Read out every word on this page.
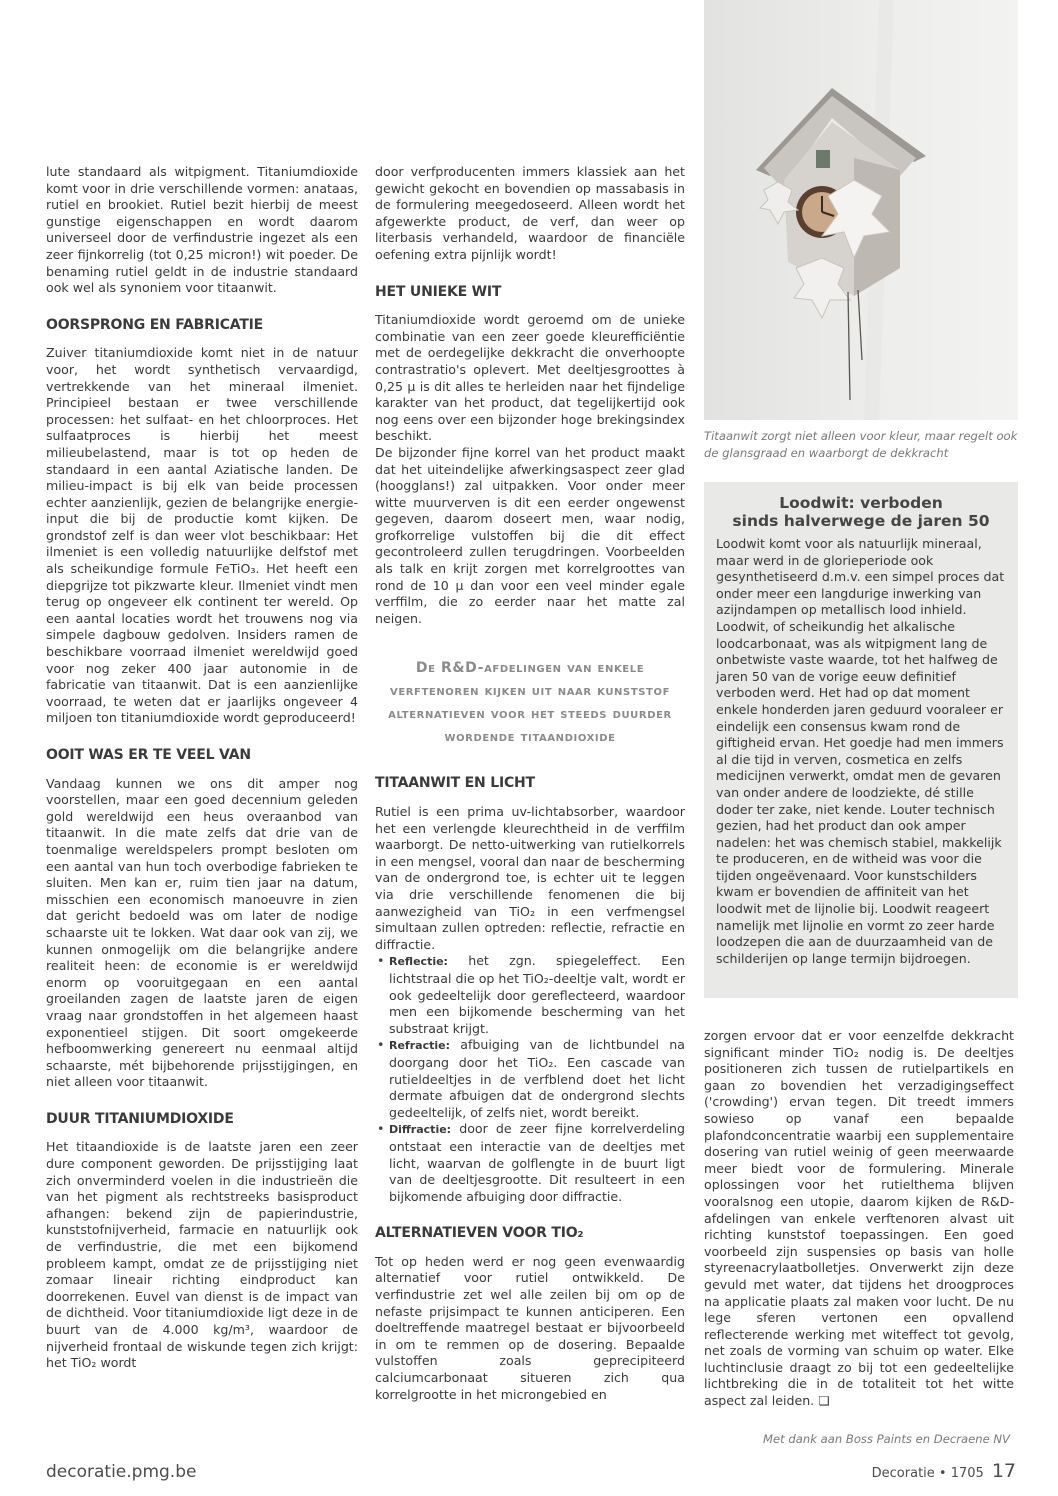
lute standaard als witpigment. Titaniumdioxide komt voor in drie verschillende vormen: anataas, rutiel en brookiet. Rutiel bezit hierbij de meest gunstige eigenschappen en wordt daarom universeel door de verfindustrie ingezet als een zeer fijnkorrelig (tot 0,25 micron!) wit poeder. De benaming rutiel geldt in de industrie standaard ook wel als synoniem voor titaanwit.

OORSPRONG EN FABRICATIE

Zuiver titaniumdioxide komt niet in de natuur voor, het wordt synthetisch vervaardigd, vertrekkende van het mineraal ilmeniet. Principieel bestaan er twee verschillende processen: het sulfaat- en het chloorproces. Het sulfaatproces is hierbij het meest milieubelastend, maar is tot op heden de standaard in een aantal Aziatische landen. De milieu-impact is bij elk van beide processen echter aanzienlijk, gezien de belangrijke energie-input die bij de productie komt kijken. De grondstof zelf is dan weer vlot beschikbaar: Het ilmeniet is een volledig natuurlijke delfstof met als scheikundige formule FeTiO₃. Het heeft een diepgrijze tot pikzwarte kleur. Ilmeniet vindt men terug op ongeveer elk continent ter wereld. Op een aantal locaties wordt het trouwens nog via simpele dagbouw gedolven. Insiders ramen de beschikbare voorraad ilmeniet wereldwijd goed voor nog zeker 400 jaar autonomie in de fabricatie van titaanwit. Dat is een aanzienlijke voorraad, te weten dat er jaarlijks ongeveer 4 miljoen ton titaniumdioxide wordt geproduceerd!

OOIT WAS ER TE VEEL VAN

Vandaag kunnen we ons dit amper nog voorstellen, maar een goed decennium geleden gold wereldwijd een heus overaanbod van titaanwit. In die mate zelfs dat drie van de toenmalige wereldspelers prompt besloten om een aantal van hun toch overbodige fabrieken te sluiten. Men kan er, ruim tien jaar na datum, misschien een economisch manoeuvre in zien dat gericht bedoeld was om later de nodige schaarste uit te lokken. Wat daar ook van zij, we kunnen onmogelijk om die belangrijke andere realiteit heen: de economie is er wereldwijd enorm op vooruitgegaan en een aantal groeilanden zagen de laatste jaren de eigen vraag naar grondstoffen in het algemeen haast exponentieel stijgen. Dit soort omgekeerde hefboomwerking genereert nu eenmaal altijd schaarste, mét bijbehorende prijsstijgingen, en niet alleen voor titaanwit.

DUUR TITANIUMDIOXIDE

Het titaandioxide is de laatste jaren een zeer dure component geworden. De prijsstijging laat zich onverminderd voelen in die industrieën die van het pigment als rechtstreeks basisproduct afhangen: bekend zijn de papierindustrie, kunststofnijverheid, farmacie en natuurlijk ook de verfindustrie, die met een bijkomend probleem kampt, omdat ze de prijsstijging niet zomaar lineair richting eindproduct kan doorrekenen. Euvel van dienst is de impact van de dichtheid. Voor titaniumdioxide ligt deze in de buurt van de 4.000 kg/m³, waardoor de nijverheid frontaal de wiskunde tegen zich krijgt: het TiO₂ wordt

door verfproducenten immers klassiek aan het gewicht gekocht en bovendien op massabasis in de formulering meegedoseerd. Alleen wordt het afgewerkte product, de verf, dan weer op literbasis verhandeld, waardoor de financiële oefening extra pijnlijk wordt!

HET UNIEKE WIT

Titaniumdioxide wordt geroemd om de unieke combinatie van een zeer goede kleurefficiëntie met de oerdegelijke dekkracht die onverhoopte contrastratio's oplevert. Met deeltjesgroottes à 0,25 µ is dit alles te herleiden naar het fijndelige karakter van het product, dat tegelijkertijd ook nog eens over een bijzonder hoge brekingsindex beschikt.

De bijzonder fijne korrel van het product maakt dat het uiteindelijke afwerkingsaspect zeer glad (hoogglans!) zal uitpakken. Voor onder meer witte muurverven is dit een eerder ongewenst gegeven, daarom doseert men, waar nodig, grofkorrelige vulstoffen bij die dit effect gecontroleerd zullen terugdringen. Voorbeelden als talk en krijt zorgen met korrelgroottes van rond de 10 µ dan voor een veel minder egale verffilm, die zo eerder naar het matte zal neigen.

De R&D-afdelingen van enkele verftenoren kijken uit naar kunststof alternatieven voor het steeds duurder wordende titaandioxide
TITAANWIT EN LICHT

Rutiel is een prima uv-lichtabsorber, waardoor het een verlengde kleurechtheid in de verffilm waarborgt. De netto-uitwerking van rutielkorrels in een mengsel, vooral dan naar de bescherming van de ondergrond toe, is echter uit te leggen via drie verschillende fenomenen die bij aanwezigheid van TiO₂ in een verfmengsel simultaan zullen optreden: reflectie, refractie en diffractie.

• Reflectie: het zgn. spiegeleffect. Een lichtstraal die op het TiO₂-deeltje valt, wordt er ook gedeeltelijk door gereflecteerd, waardoor men een bijkomende bescherming van het substraat krijgt.
• Refractie: afbuiging van de lichtbundel na doorgang door het TiO₂. Een cascade van rutieldeeltjes in de verfblend doet het licht dermate afbuigen dat de ondergrond slechts gedeeltelijk, of zelfs niet, wordt bereikt.
• Diffractie: door de zeer fijne korrelverdeling ontstaat een interactie van de deeltjes met licht, waarvan de golflengte in de buurt ligt van de deeltjesgrootte. Dit resulteert in een bijkomende afbuiging door diffractie.
ALTERNATIEVEN VOOR TIO₂

Tot op heden werd er nog geen evenwaardig alternatief voor rutiel ontwikkeld. De verfindustrie zet wel alle zeilen bij om op de nefaste prijsimpact te kunnen anticiperen. Een doeltreffende maatregel bestaat er bijvoorbeeld in om te remmen op de dosering. Bepaalde vulstoffen zoals geprecipiteerd calciumcarbonaat situeren zich qua korrelgrootte in het microngebied en

Titaanwit zorgt niet alleen voor kleur, maar regelt ook de glansgraad en waarborgt de dekkracht
Loodwit: verboden
sinds halverwege de jaren 50

Loodwit komt voor als natuurlijk mineraal, maar werd in de glorieperiode ook gesynthetiseerd d.m.v. een simpel proces dat onder meer een langdurige inwerking van azijndampen op metallisch lood inhield. Loodwit, of scheikundig het alkalische loodcarbonaat, was als witpigment lang de onbetwiste vaste waarde, tot het halfweg de jaren 50 van de vorige eeuw definitief verboden werd. Het had op dat moment enkele honderden jaren geduurd vooraleer er eindelijk een consensus kwam rond de giftigheid ervan. Het goedje had men immers al die tijd in verven, cosmetica en zelfs medicijnen verwerkt, omdat men de gevaren van onder andere de loodziekte, dé stille doder ter zake, niet kende. Louter technisch gezien, had het product dan ook amper nadelen: het was chemisch stabiel, makkelijk te produceren, en de witheid was voor die tijden ongeëvenaard. Voor kunstschilders kwam er bovendien de affiniteit van het loodwit met de lijnolie bij. Loodwit reageert namelijk met lijnolie en vormt zo zeer harde loodzepen die aan de duurzaamheid van de schilderijen op lange termijn bijdroegen.

zorgen ervoor dat er voor eenzelfde dekkracht significant minder TiO₂ nodig is. De deeltjes positioneren zich tussen de rutielpartikels en gaan zo bovendien het verzadigingseffect ('crowding') ervan tegen. Dit treedt immers sowieso op vanaf een bepaalde plafondconcentratie waarbij een supplementaire dosering van rutiel weinig of geen meerwaarde meer biedt voor de formulering. Minerale oplossingen voor het rutielthema blijven vooralsnog een utopie, daarom kijken de R&D-afdelingen van enkele verftenoren alvast uit richting kunststof toepassingen. Een goed voorbeeld zijn suspensies op basis van holle styreenacrylaatbolletjes. Onverwerkt zijn deze gevuld met water, dat tijdens het droogproces na applicatie plaats zal maken voor lucht. De nu lege sferen vertonen een opvallend reflecterende werking met witeffect tot gevolg, net zoals de vorming van schuim op water. Elke luchtinclusie draagt zo bij tot een gedeeltelijke lichtbreking die in de totaliteit tot het witte aspect zal leiden. ❏

Met dank aan Boss Paints en Decraene NV
decoratie.pmg.be	Decoratie • 1705 17
